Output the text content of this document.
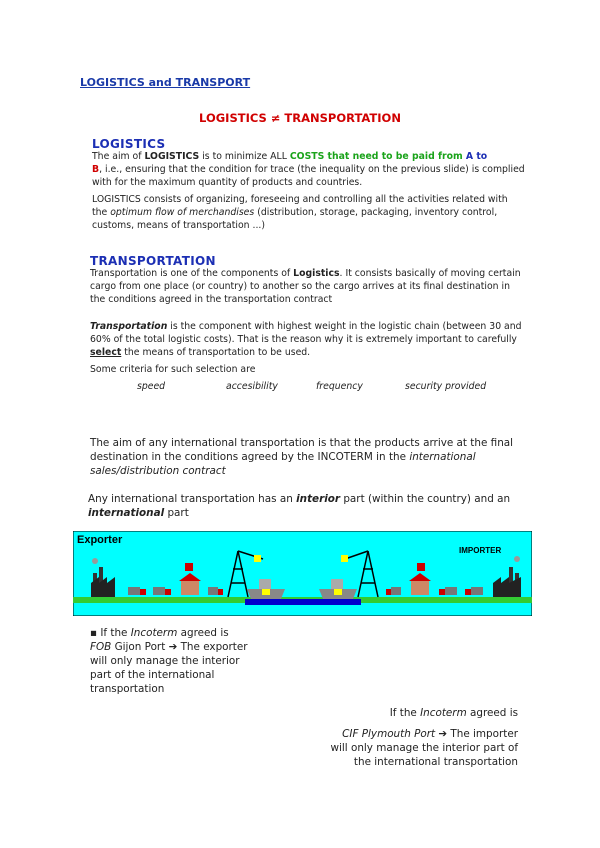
LOGISTICS and TRANSPORT
LOGISTICS ≠ TRANSPORTATION
LOGISTICS
The aim of LOGISTICS is to minimize ALL COSTS that need to be paid from A to
B, i.e., ensuring that the condition for trace (the inequality on the previous slide) is complied with for the maximum quantity of products and countries.
LOGISTICS consists of organizing, foreseeing and controlling all the activities related with the optimum flow of merchandises (distribution, storage, packaging, inventory control, customs, means of transportation ...)
TRANSPORTATION
Transportation is one of the components of Logistics. It consists basically of moving certain cargo from one place (or country) to another so the cargo arrives at its final destination in the conditions agreed in the transportation contract
Transportation is the component with highest weight in the logistic chain (between 30 and 60% of the total logistic costs). That is the reason why it is extremely important to carefully select the means of transportation to be used.
Some criteria for such selection are
speed	accesibility	frequency	security provided
The aim of any international transportation is that the products arrive at the final destination in the conditions agreed by the INCOTERM in the international sales/distribution contract
Any international transportation has an interior part (within the country) and an
international part
Exporter
IMPORTER
▪ If the Incoterm agreed is
FOB Gijon Port ➔ The exporter will only manage the interior part of the international transportation
If the Incoterm agreed is
CIF Plymouth Port ➔ The importer
will only manage the interior part of
the international transportation
